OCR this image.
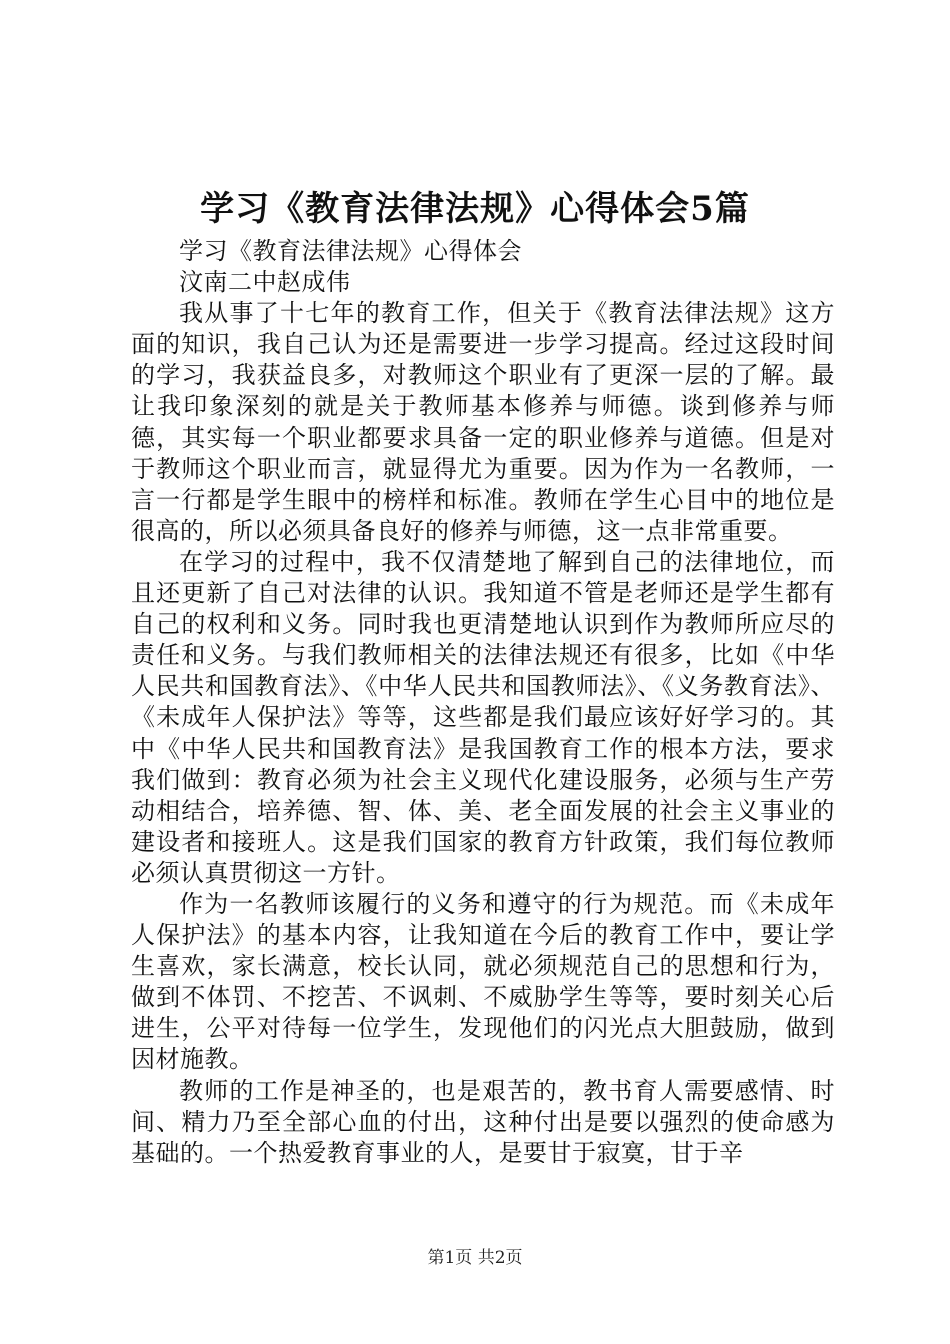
学习《教育法律法规》心得体会5篇

学习《教育法律法规》心得体会

汶南二中赵成伟

我从事了十七年的教育工作，但关于《教育法律法规》这方面的知识，我自己认为还是需要进一步学习提高。经过这段时间的学习，我获益良多，对教师这个职业有了更深一层的了解。最让我印象深刻的就是关于教师基本修养与师德。谈到修养与师德，其实每一个职业都要求具备一定的职业修养与道德。但是对于教师这个职业而言，就显得尤为重要。因为作为一名教师，一言一行都是学生眼中的榜样和标准。教师在学生心目中的地位是很高的，所以必须具备良好的修养与师德，这一点非常重要。

在学习的过程中，我不仅清楚地了解到自己的法律地位，而且还更新了自己对法律的认识。我知道不管是老师还是学生都有自己的权利和义务。同时我也更清楚地认识到作为教师所应尽的责任和义务。与我们教师相关的法律法规还有很多，比如《中华人民共和国教育法》、《中华人民共和国教师法》、《义务教育法》、《未成年人保护法》等等，这些都是我们最应该好好学习的。其中《中华人民共和国教育法》是我国教育工作的根本方法，要求我们做到：教育必须为社会主义现代化建设服务，必须与生产劳动相结合，培养德、智、体、美、老全面发展的社会主义事业的建设者和接班人。这是我们国家的教育方针政策，我们每位教师必须认真贯彻这一方针。

作为一名教师该履行的义务和遵守的行为规范。而《未成年人保护法》的基本内容，让我知道在今后的教育工作中，要让学生喜欢，家长满意，校长认同，就必须规范自己的思想和行为，做到不体罚、不挖苦、不讽刺、不威胁学生等等，要时刻关心后进生，公平对待每一位学生，发现他们的闪光点大胆鼓励，做到因材施教。

教师的工作是神圣的，也是艰苦的，教书育人需要感情、时间、精力乃至全部心血的付出，这种付出是要以强烈的使命感为基础的。一个热爱教育事业的人，是要甘于寂寞，甘于辛

第1页 共2页
